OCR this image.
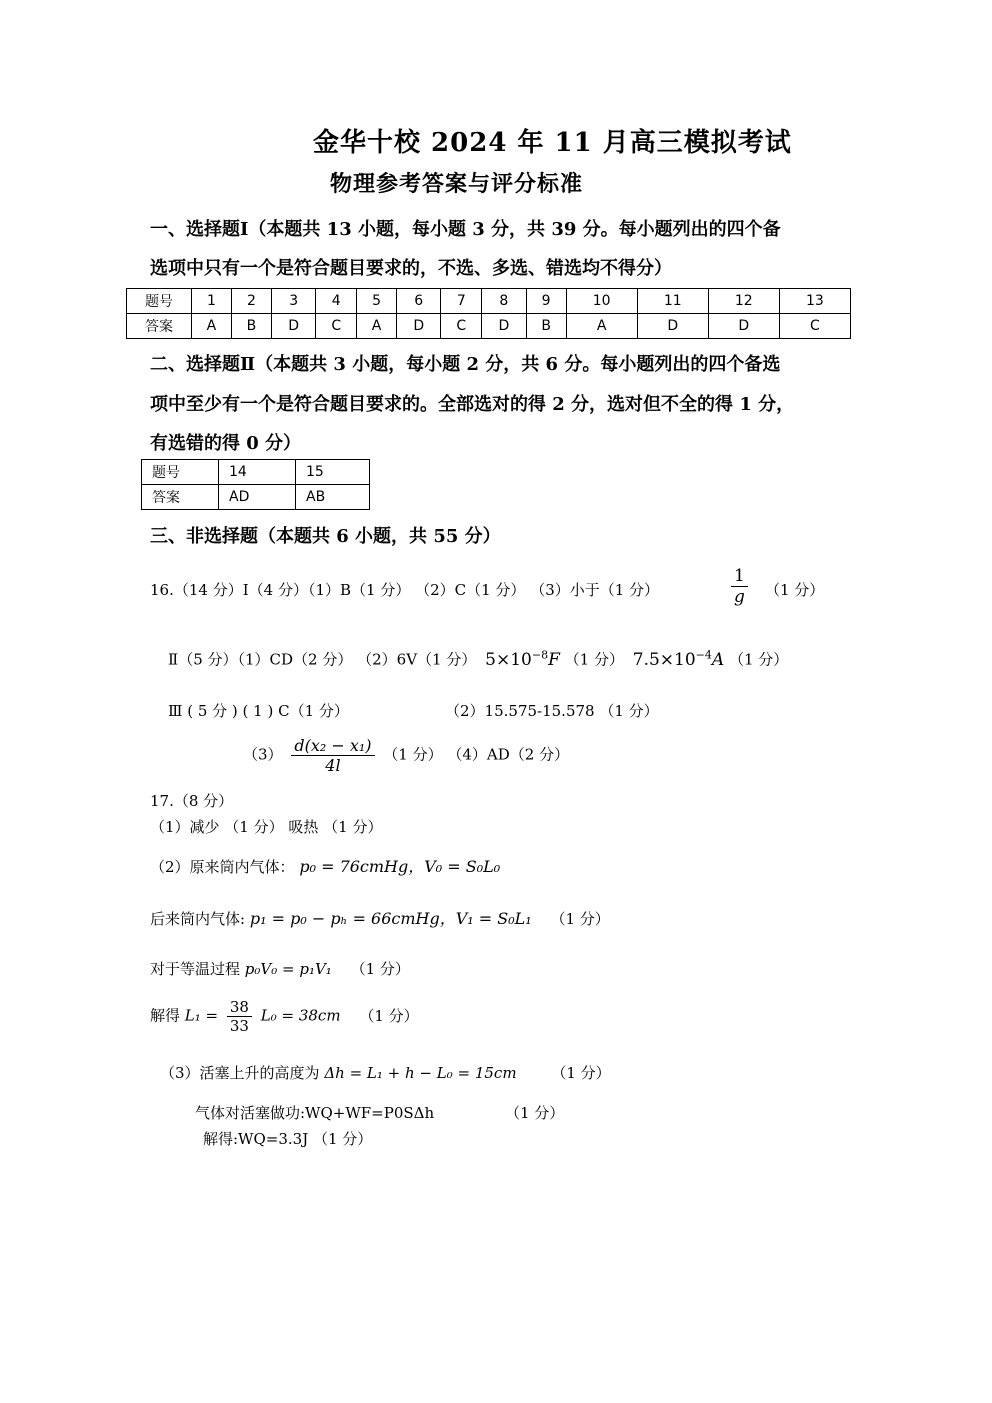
金华十校 2024 年 11 月高三模拟考试
物理参考答案与评分标准
一、选择题Ⅰ（本题共 13 小题，每小题 3 分，共 39 分。每小题列出的四个备
选项中只有一个是符合题目要求的，不选、多选、错选均不得分）
题号	1	2	3	4	5	6	7	8	9	10	11	12	13
答案	A	B	D	C	A	D	C	D	B	A	D	D	C
二、选择题Ⅱ（本题共 3 小题，每小题 2 分，共 6 分。每小题列出的四个备选
项中至少有一个是符合题目要求的。全部选对的得 2 分，选对但不全的得 1 分，
有选错的得 0 分）
题号	14	15
答案	AD	AB
三、非选择题（本题共 6 小题，共 55 分）
16.（14 分）Ⅰ（4 分）（1）B（1 分） （2）C（1 分） （3）小于（1 分）	$\frac{1}{g} (1$ 分）
Ⅱ（5 分）（1）CD（2 分） （2）6V（1 分） $5\times 10^{-8}F$ （1 分） $7.5\times 10^{-4}A$ （1 分）
Ⅲ ( 5 分 ) ( 1 ) C（1 分）	（2）15.575-15.578 （1 分）
$(3) \frac{\text{d(x₂ − x₁)}}{4l} (1$ 分） （4）AD（2 分）
17.（8 分）
（1）减少 （1 分） 吸热 （1 分）
（2）原来筒内气体： p₀ = 76cmHg，V₀ = S₀L₀
后来筒内气体: p₁ = p₀ − pₕ = 66cmHg，V₁ = S₀L₁ （1 分）
对于等温过程 p₀V₀ = p₁V₁ （1 分）
解得 $L_1 = \frac{38}{33} L_0 = 38cm$ （1 分）
（3）活塞上升的高度为 Δh = L₁ + h − L₀ = 15cm （1 分）
气体对活塞做功:WQ+WF=P0SΔh	（1 分）
解得:WQ=3.3J （1 分）
